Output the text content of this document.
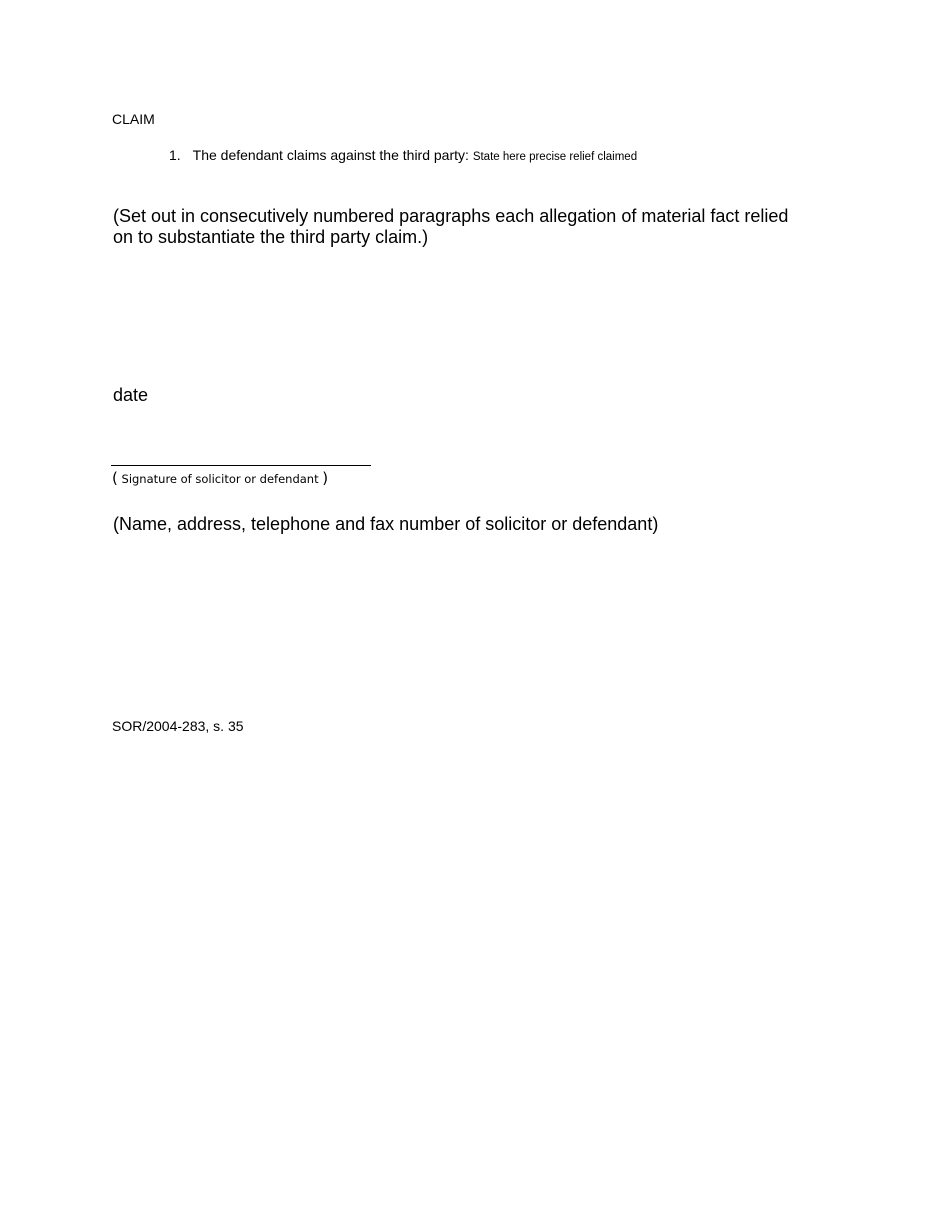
CLAIM
1. The defendant claims against the third party: State here precise relief claimed
(Set out in consecutively numbered paragraphs each allegation of material fact relied on to substantiate the third party claim.)
date
( Signature of solicitor or defendant )
(Name, address, telephone and fax number of solicitor or defendant)
SOR/2004-283, s. 35
